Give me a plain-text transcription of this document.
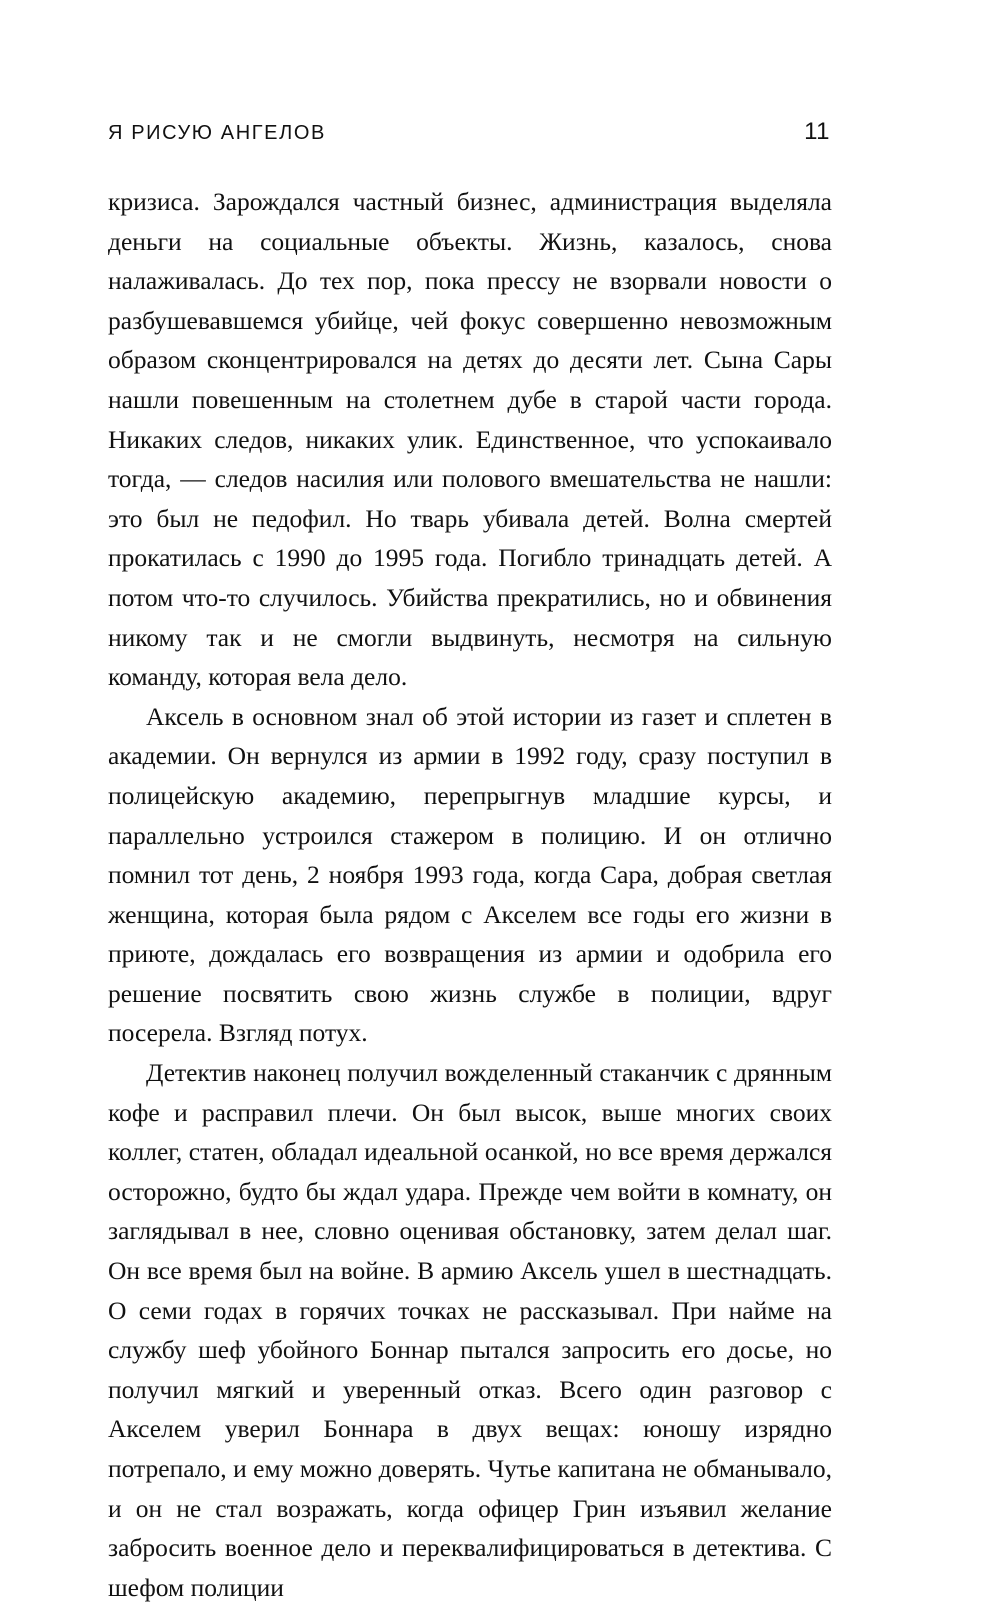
Я РИСУЮ АНГЕЛОВ	11

кризиса. Зарождался частный бизнес, администрация выделяла деньги на социальные объекты. Жизнь, казалось, снова налаживалась. До тех пор, пока прессу не взорвали новости о разбушевавшемся убийце, чей фокус совершенно невозможным образом сконцентрировался на детях до десяти лет. Сына Сары нашли повешенным на столетнем дубе в старой части города. Никаких следов, никаких улик. Единственное, что успокаивало тогда, — следов насилия или полового вмешательства не нашли: это был не педофил. Но тварь убивала детей. Волна смертей прокатилась с 1990 до 1995 года. Погибло тринадцать детей. А потом что-то случилось. Убийства прекратились, но и обвинения никому так и не смогли выдвинуть, несмотря на сильную команду, которая вела дело.

Аксель в основном знал об этой истории из газет и сплетен в академии. Он вернулся из армии в 1992 году, сразу поступил в полицейскую академию, перепрыгнув младшие курсы, и параллельно устроился стажером в полицию. И он отлично помнил тот день, 2 ноября 1993 года, когда Сара, добрая светлая женщина, которая была рядом с Акселем все годы его жизни в приюте, дождалась его возвращения из армии и одобрила его решение посвятить свою жизнь службе в полиции, вдруг посерела. Взгляд потух.

Детектив наконец получил вожделенный стаканчик с дрянным кофе и расправил плечи. Он был высок, выше многих своих коллег, статен, обладал идеальной осанкой, но все время держался осторожно, будто бы ждал удара. Прежде чем войти в комнату, он заглядывал в нее, словно оценивая обстановку, затем делал шаг. Он все время был на войне. В армию Аксель ушел в шестнадцать. О семи годах в горячих точках не рассказывал. При найме на службу шеф убойного Боннар пытался запросить его досье, но получил мягкий и уверенный отказ. Всего один разговор с Акселем уверил Боннара в двух вещах: юношу изрядно потрепало, и ему можно доверять. Чутье капитана не обманывало, и он не стал возражать, когда офицер Грин изъявил желание забросить военное дело и переквалифицироваться в детектива. С шефом полиции
